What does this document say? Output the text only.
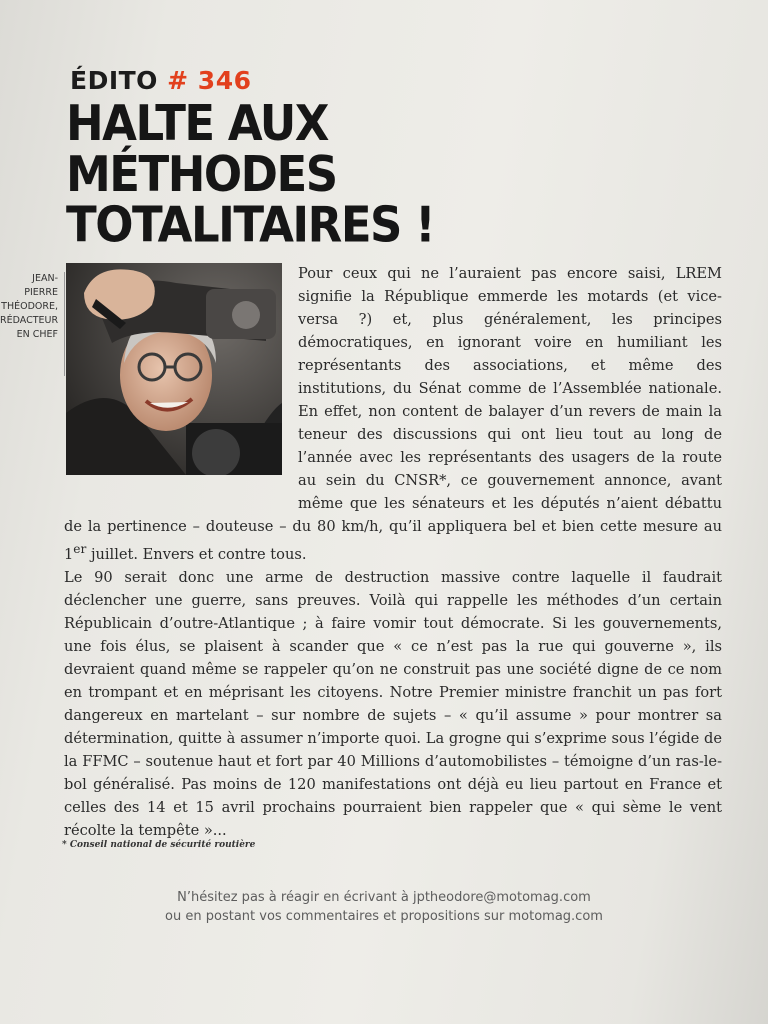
ÉDITO # 346
HALTE AUX
MÉTHODES
TOTALITAIRES !
JEAN-PIERRE
THÉODORE,
RÉDACTEUR
EN CHEF

Pour ceux qui ne l’auraient pas encore saisi, LREM signifie la République emmerde les motards (et vice-versa ?) et, plus généralement, les principes démocratiques, en ignorant voire en humiliant les représentants des associations, et même des institutions, du Sénat comme de l’Assemblée nationale. En effet, non content de balayer d’un revers de main la teneur des discussions qui ont lieu tout au long de l’année avec les représentants des usagers de la route au sein du CNSR*, ce gouvernement annonce, avant même que les sénateurs et les députés n’aient débattu de la pertinence – douteuse – du 80 km/h, qu’il appliquera bel et bien cette mesure au 1er juillet. Envers et contre tous.

Le 90 serait donc une arme de destruction massive contre laquelle il faudrait déclencher une guerre, sans preuves. Voilà qui rappelle les méthodes d’un certain Républicain d’outre-Atlantique ; à faire vomir tout démocrate. Si les gouvernements, une fois élus, se plaisent à scander que « ce n’est pas la rue qui gouverne », ils devraient quand même se rappeler qu’on ne construit pas une société digne de ce nom en trompant et en méprisant les citoyens. Notre Premier ministre franchit un pas fort dangereux en martelant – sur nombre de sujets – « qu’il assume » pour montrer sa détermination, quitte à assumer n’importe quoi. La grogne qui s’exprime sous l’égide de la FFMC – soutenue haut et fort par 40 Millions d’automobilistes – témoigne d’un ras-le-bol généralisé. Pas moins de 120 manifestations ont déjà eu lieu partout en France et celles des 14 et 15 avril prochains pourraient bien rappeler que « qui sème le vent récolte la tempête »...

* Conseil national de sécurité routière
N’hésitez pas à réagir en écrivant à jptheodore@motomag.com
ou en postant vos commentaires et propositions sur motomag.com
